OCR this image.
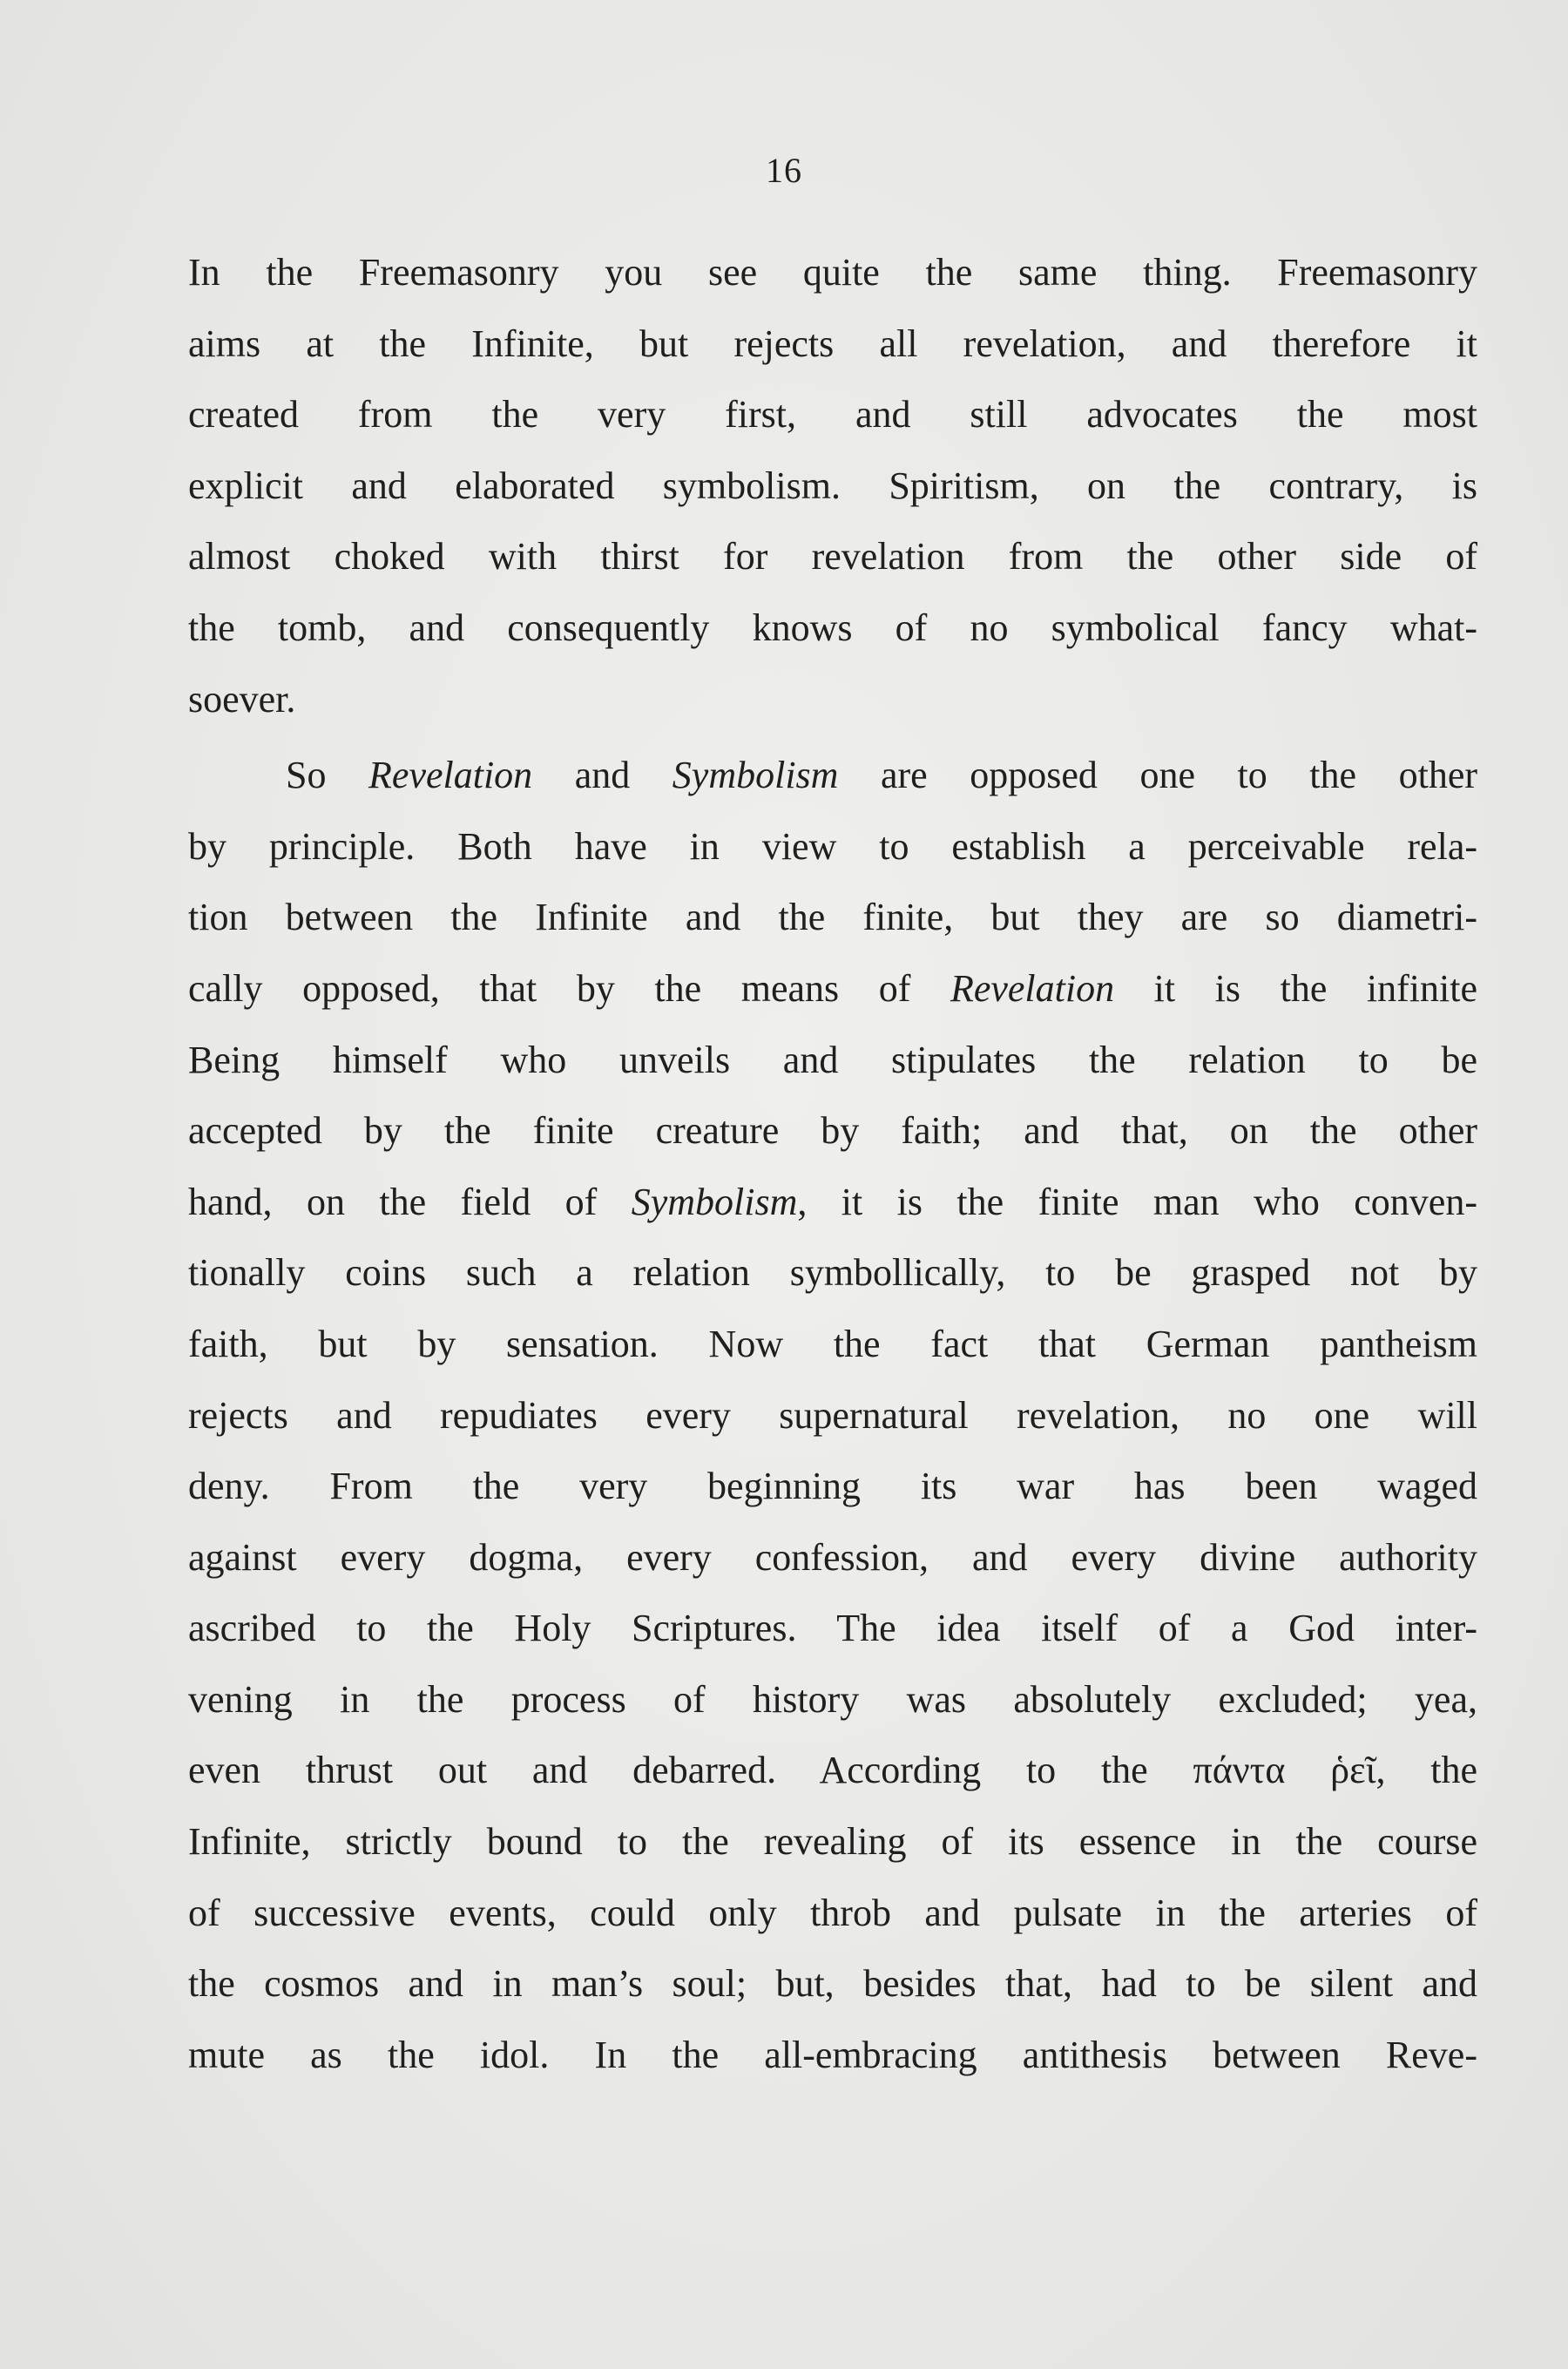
16
In the Freemasonry you see quite the same thing. Freemasonry
aims at the Infinite, but rejects all revelation, and therefore it
created from the very first, and still advocates the most
explicit and elaborated symbolism. Spiritism, on the contrary, is
almost choked with thirst for revelation from the other side of
the tomb, and consequently knows of no symbolical fancy what-
soever.
So Revelation and Symbolism are opposed one to the other
by principle. Both have in view to establish a perceivable rela-
tion between the Infinite and the finite, but they are so diametri-
cally opposed, that by the means of Revelation it is the infinite
Being himself who unveils and stipulates the relation to be
accepted by the finite creature by faith; and that, on the other
hand, on the field of Symbolism, it is the finite man who conven-
tionally coins such a relation symbollically, to be grasped not by
faith, but by sensation. Now the fact that German pantheism
rejects and repudiates every supernatural revelation, no one will
deny. From the very beginning its war has been waged
against every dogma, every confession, and every divine authority
ascribed to the Holy Scriptures. The idea itself of a God inter-
vening in the process of history was absolutely excluded; yea,
even thrust out and debarred. According to the πάντα ῥεῖ, the
Infinite, strictly bound to the revealing of its essence in the course
of successive events, could only throb and pulsate in the arteries of
the cosmos and in man’s soul; but, besides that, had to be silent and
mute as the idol. In the all-embracing antithesis between Reve-
